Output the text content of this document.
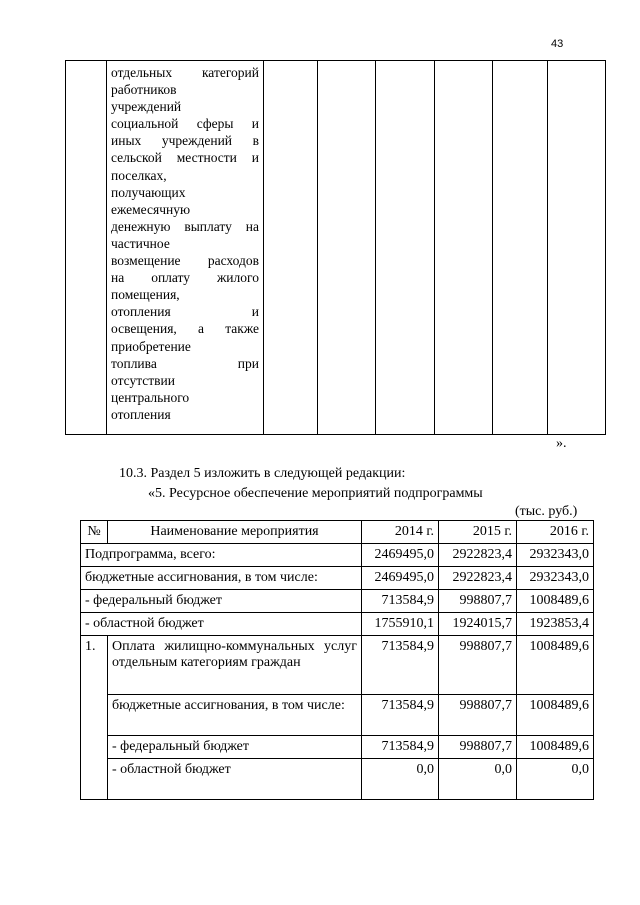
43

отдельных категорий
работников
учреждений
социальной сферы и
иных учреждений в
сельской местности и
поселках,
получающих
ежемесячную
денежную выплату на
частичное
возмещение расходов
на оплату жилого
помещения,
отопления	и
освещения, а также
приобретение
топлива	при
отсутствии
центрального
отопления

».
10.3. Раздел 5 изложить в следующей редакции:
«5. Ресурсное обеспечение мероприятий подпрограммы
(тыс. руб.)
№	Наименование мероприятия	2014 г.	2015 г.	2016 г.
Подпрограмма, всего:		2469495,0	2922823,4	2932343,0
бюджетные ассигнования, в том числе:		2469495,0	2922823,4	2932343,0
- федеральный бюджет		713584,9	998807,7	1008489,6
- областной бюджет		1755910,1	1924015,7	1923853,4
1.	Оплата жилищно-коммунальных услуг отдельным категориям граждан	713584,9	998807,7	1008489,6
	бюджетные ассигнования, в том числе:	713584,9	998807,7	1008489,6
	- федеральный бюджет	713584,9	998807,7	1008489,6
	- областной бюджет	0,0	0,0	0,0
